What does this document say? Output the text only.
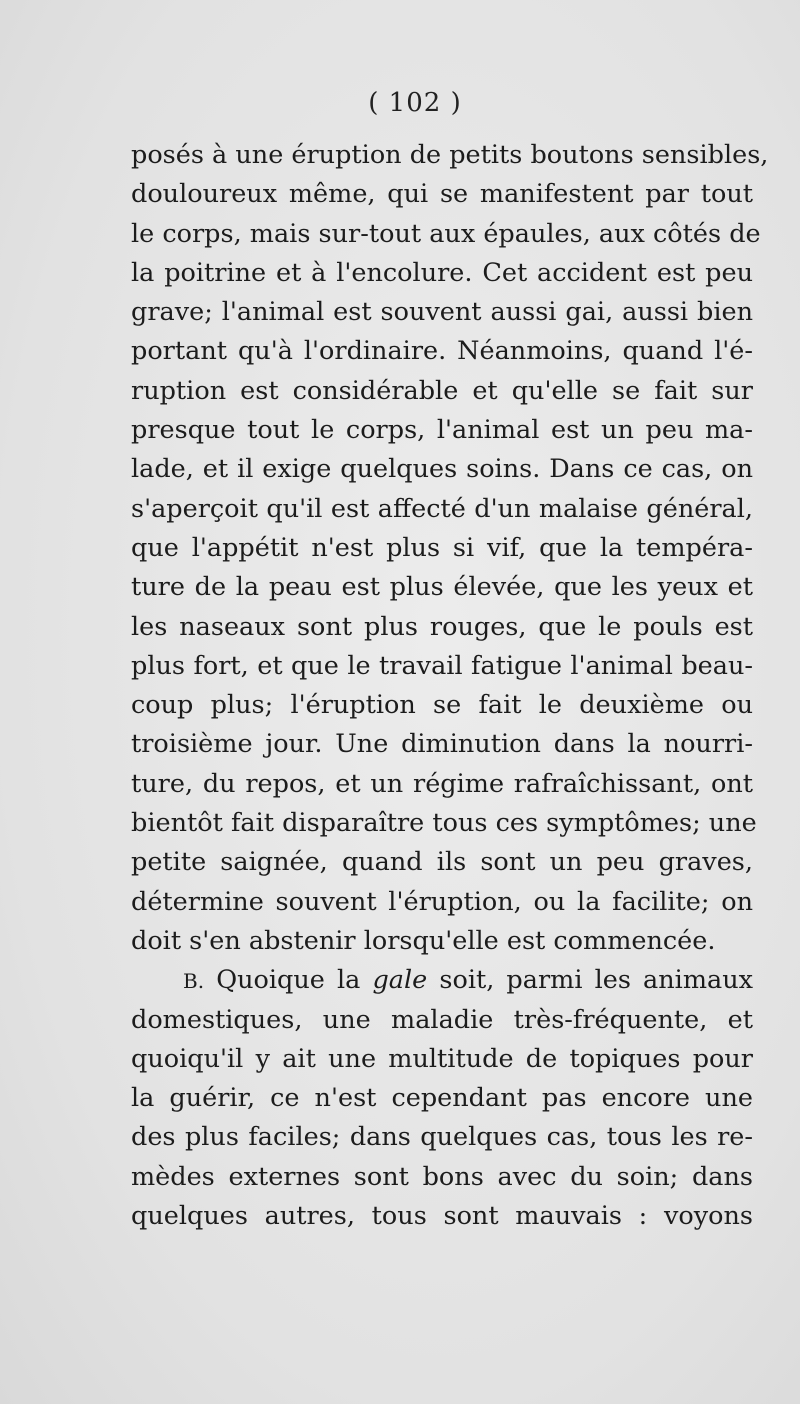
( 102 )
posés à une éruption de petits boutons sensibles,
douloureux même, qui se manifestent par tout
le corps, mais sur-tout aux épaules, aux côtés de
la poitrine et à l'encolure. Cet accident est peu
grave; l'animal est souvent aussi gai, aussi bien
portant qu'à l'ordinaire. Néanmoins, quand l'é-
ruption est considérable et qu'elle se fait sur
presque tout le corps, l'animal est un peu ma-
lade, et il exige quelques soins. Dans ce cas, on
s'aperçoit qu'il est affecté d'un malaise général,
que l'appétit n'est plus si vif, que la tempéra-
ture de la peau est plus élevée, que les yeux et
les naseaux sont plus rouges, que le pouls est
plus fort, et que le travail fatigue l'animal beau-
coup plus; l'éruption se fait le deuxième ou
troisième jour. Une diminution dans la nourri-
ture, du repos, et un régime rafraîchissant, ont
bientôt fait disparaître tous ces symptômes; une
petite saignée, quand ils sont un peu graves,
détermine souvent l'éruption, ou la facilite; on
doit s'en abstenir lorsqu'elle est commencée.
B. Quoique la gale soit, parmi les animaux
domestiques, une maladie très-fréquente, et
quoiqu'il y ait une multitude de topiques pour
la guérir, ce n'est cependant pas encore une
des plus faciles; dans quelques cas, tous les re-
mèdes externes sont bons avec du soin; dans
quelques autres, tous sont mauvais : voyons
